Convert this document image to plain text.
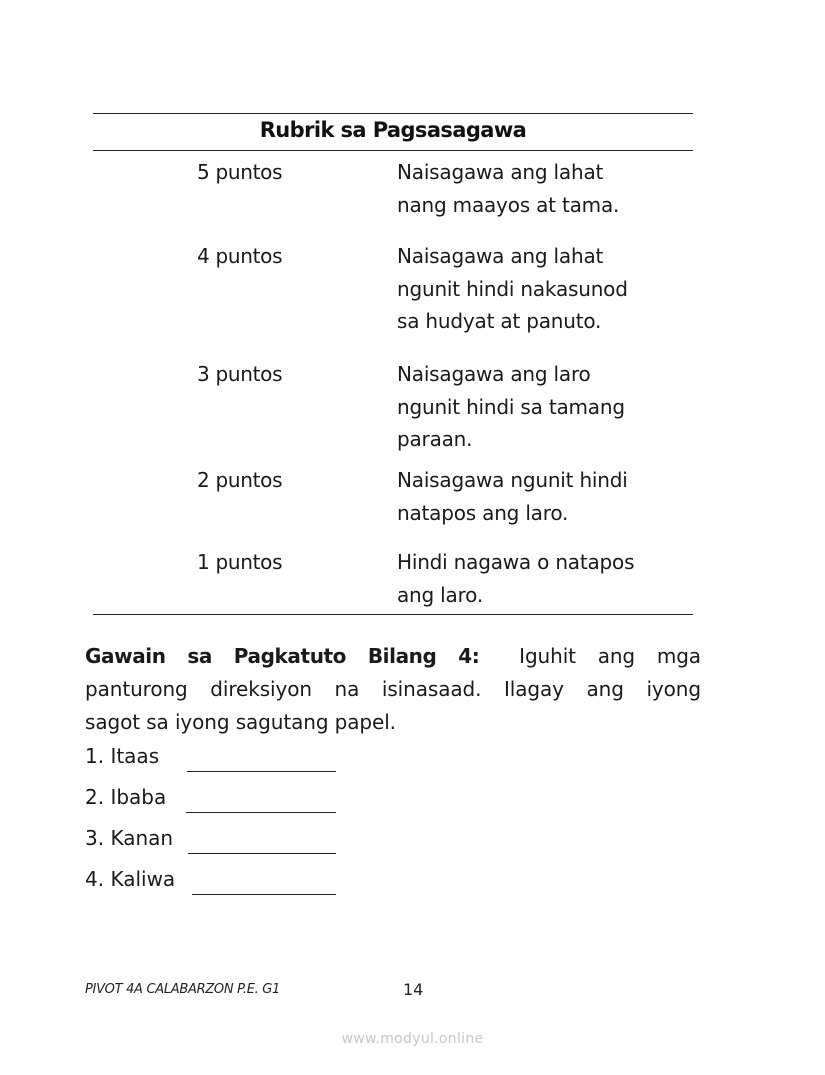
Rubrik sa Pagsasagawa
5 puntos	Naisagawa ang lahat
nang maayos at tama.
4 puntos	Naisagawa ang lahat
ngunit hindi nakasunod
sa hudyat at panuto.
3 puntos	Naisagawa ang laro
ngunit hindi sa tamang
paraan.
2 puntos	Naisagawa ngunit hindi
natapos ang laro.
1 puntos	Hindi nagawa o natapos
ang laro.
Gawain sa Pagkatuto Bilang 4: Iguhit ang mga
panturong direksiyon na isinasaad. Ilagay ang iyong
sagot sa iyong sagutang papel.
1. Itaas
2. Ibaba
3. Kanan
4. Kaliwa
PIVOT 4A CALABARZON P.E. G1	14
www.modyul.online
